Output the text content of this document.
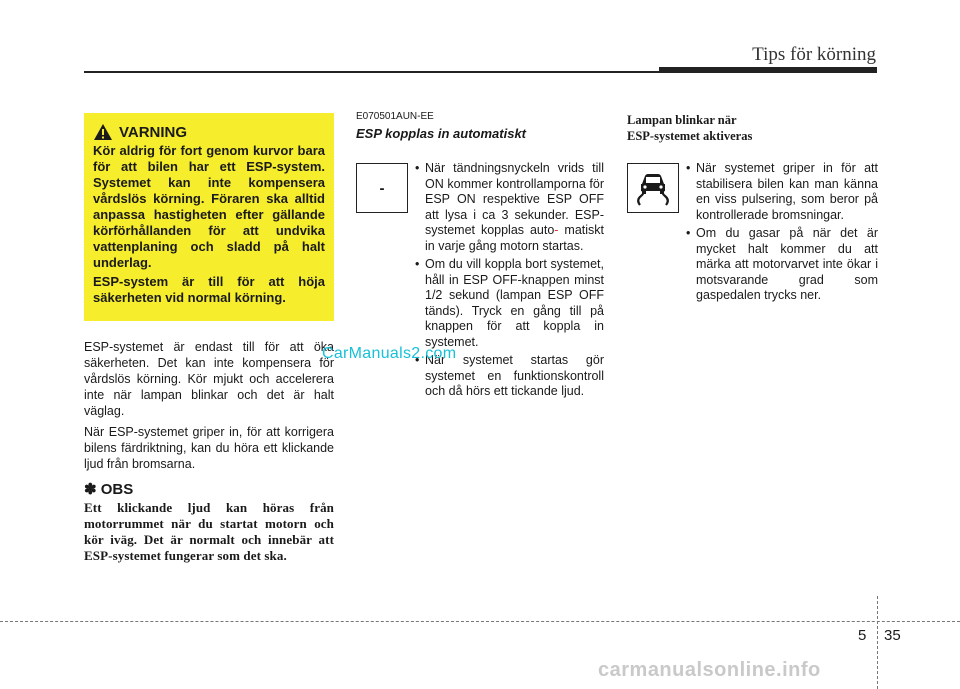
Tips för körning
VARNING

Kör aldrig för fort genom kurvor bara för att bilen har ett ESP-system. Systemet kan inte kompensera vårdslös körning. Föraren ska alltid anpassa hastigheten efter gällande körförhållanden för att undvika vattenplaning och sladd på halt underlag.

ESP-system är till för att höja säkerheten vid normal körning.

ESP-systemet är endast till för att öka säkerheten. Det kan inte kompensera för vårdslös körning. Kör mjukt och accelerera inte när lampan blinkar och det är halt väglag.

När ESP-systemet griper in, för att korrigera bilens färdriktning, kan du höra ett klickande ljud från bromsarna.

✽ OBS
Ett klickande ljud kan höras från motorrummet när du startat motorn och kör iväg. Det är normalt och innebär att ESP-systemet fungerar som det ska.
E070501AUN-EE
ESP kopplas in automatiskt
-
• När tändningsnyckeln vrids till ON kommer kontrollamporna för ESP ON respektive ESP OFF att lysa i ca 3 sekunder. ESP-systemet kopplas auto- matiskt in varje gång motorn startas.
• Om du vill koppla bort systemet, håll in ESP OFF-knappen minst 1/2 sekund (lampan ESP OFF tänds). Tryck en gång till på knappen för att koppla in systemet.
• När systemet startas gör systemet en funktionskontroll och då hörs ett tickande ljud.
Lampan blinkar när
ESP-systemet aktiveras
• När systemet griper in för att stabilisera bilen kan man känna en viss pulsering, som beror på kontrollerade bromsningar.
• Om du gasar på när det är mycket halt kommer du att märka att motorvarvet inte ökar i motsvarande grad som gaspedalen trycks ner.
CarManuals2.com
carmanualsonline.info
5 35
